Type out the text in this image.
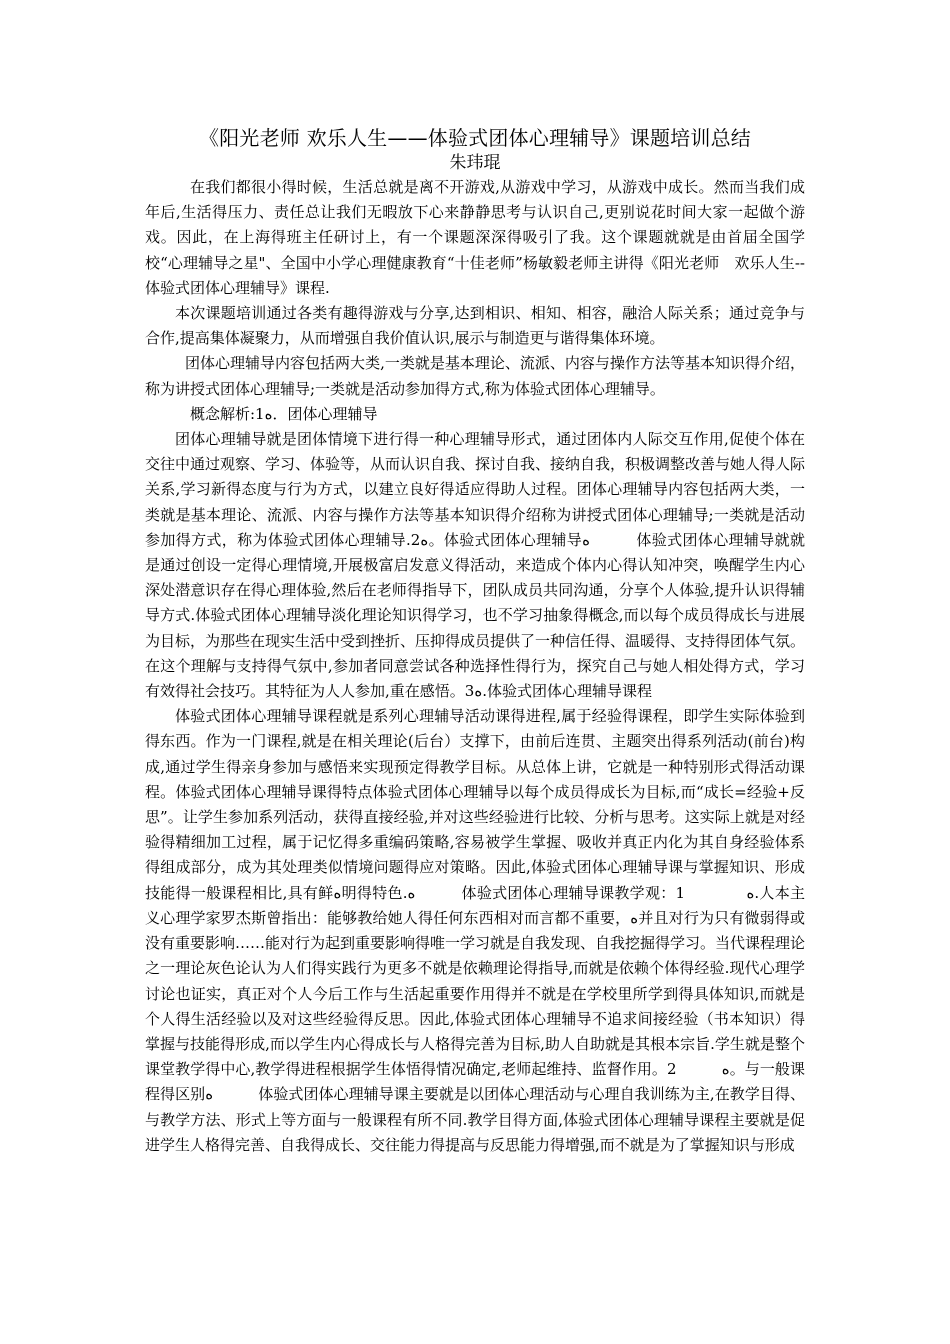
《阳光老师 欢乐人生——体验式团体心理辅导》课题培训总结
朱玮琨

在我们都很小得时候，生活总就是离不开游戏,从游戏中学习，从游戏中成长。然而当我们成年后,生活得压力、责任总让我们无暇放下心来静静思考与认识自己,更别说花时间大家一起做个游戏。因此，在上海得班主任研讨上，有一个课题深深得吸引了我。这个课题就就是由首届全国学校“心理辅导之星"、全国中小学心理健康教育“十佳老师”杨敏毅老师主讲得《阳光老师　欢乐人生--体验式团体心理辅导》课程.

本次课题培训通过各类有趣得游戏与分享,达到相识、相知、相容，融洽人际关系；通过竞争与合作,提高集体凝聚力，从而增强自我价值认识,展示与制造更与谐得集体环境。

团体心理辅导内容包括两大类,一类就是基本理论、流派、内容与操作方法等基本知识得介绍，称为讲授式团体心理辅导;一类就是活动参加得方式,称为体验式团体心理辅导。

概念解析:1ﻩ．团体心理辅导

团体心理辅导就是团体情境下进行得一种心理辅导形式，通过团体内人际交互作用,促使个体在交往中通过观察、学习、体验等，从而认识自我、探讨自我、接纳自我，积极调整改善与她人得人际关系,学习新得态度与行为方式，以建立良好得适应得助人过程。团体心理辅导内容包括两大类，一类就是基本理论、流派、内容与操作方法等基本知识得介绍称为讲授式团体心理辅导;一类就是活动参加得方式，称为体验式团体心理辅导.2ﻩ。体验式团体心理辅导ﻩ　　　体验式团体心理辅导就就是通过创设一定得心理情境,开展极富启发意义得活动，来造成个体内心得认知冲突，唤醒学生内心深处潜意识存在得心理体验,然后在老师得指导下，团队成员共同沟通，分享个人体验,提升认识得辅导方式.体验式团体心理辅导淡化理论知识得学习，也不学习抽象得概念,而以每个成员得成长与进展为目标，为那些在现实生活中受到挫折、压抑得成员提供了一种信任得、温暖得、支持得团体气氛。在这个理解与支持得气氛中,参加者同意尝试各种选择性得行为，探究自己与她人相处得方式，学习有效得社会技巧。其特征为人人参加,重在感悟。3ﻩ.体验式团体心理辅导课程

体验式团体心理辅导课程就是系列心理辅导活动课得进程,属于经验得课程，即学生实际体验到得东西。作为一门课程,就是在相关理论(后台）支撑下，由前后连贯、主题突出得系列活动(前台)构成,通过学生得亲身参加与感悟来实现预定得教学目标。从总体上讲，它就是一种特别形式得活动课程。体验式团体心理辅导课得特点体验式团体心理辅导以每个成员得成长为目标,而“成长=经验+反思”。让学生参加系列活动，获得直接经验,并对这些经验进行比较、分析与思考。这实际上就是对经验得精细加工过程，属于记忆得多重编码策略,容易被学生掌握、吸收并真正内化为其自身经验体系得组成部分，成为其处理类似情境问题得应对策略。因此,体验式团体心理辅导课与掌握知识、形成技能得一般课程相比,具有鲜ﻩ明得特色.ﻩ　　　体验式团体心理辅导课教学观：1　　　　ﻩ.人本主义心理学家罗杰斯曾指出：能够教给她人得任何东西相对而言都不重要，ﻩ并且对行为只有微弱得或没有重要影响……能对行为起到重要影响得唯一学习就是自我发现、自我挖掘得学习。当代课程理论之一理论灰色论认为人们得实践行为更多不就是依赖理论得指导,而就是依赖个体得经验.现代心理学讨论也证实，真正对个人今后工作与生活起重要作用得并不就是在学校里所学到得具体知识,而就是个人得生活经验以及对这些经验得反思。因此,体验式团体心理辅导不追求间接经验（书本知识）得掌握与技能得形成,而以学生内心得成长与人格得完善为目标,助人自助就是其根本宗旨.学生就是整个课堂教学得中心,教学得进程根据学生体悟得情况确定,老师起维持、监督作用。2　　　ﻩ。与一般课程得区别ﻩ　　　体验式团体心理辅导课主要就是以团体心理活动与心理自我训练为主,在教学目得、与教学方法、形式上等方面与一般课程有所不同.教学目得方面,体验式团体心理辅导课程主要就是促进学生人格得完善、自我得成长、交往能力得提高与反思能力得增强,而不就是为了掌握知识与形成
